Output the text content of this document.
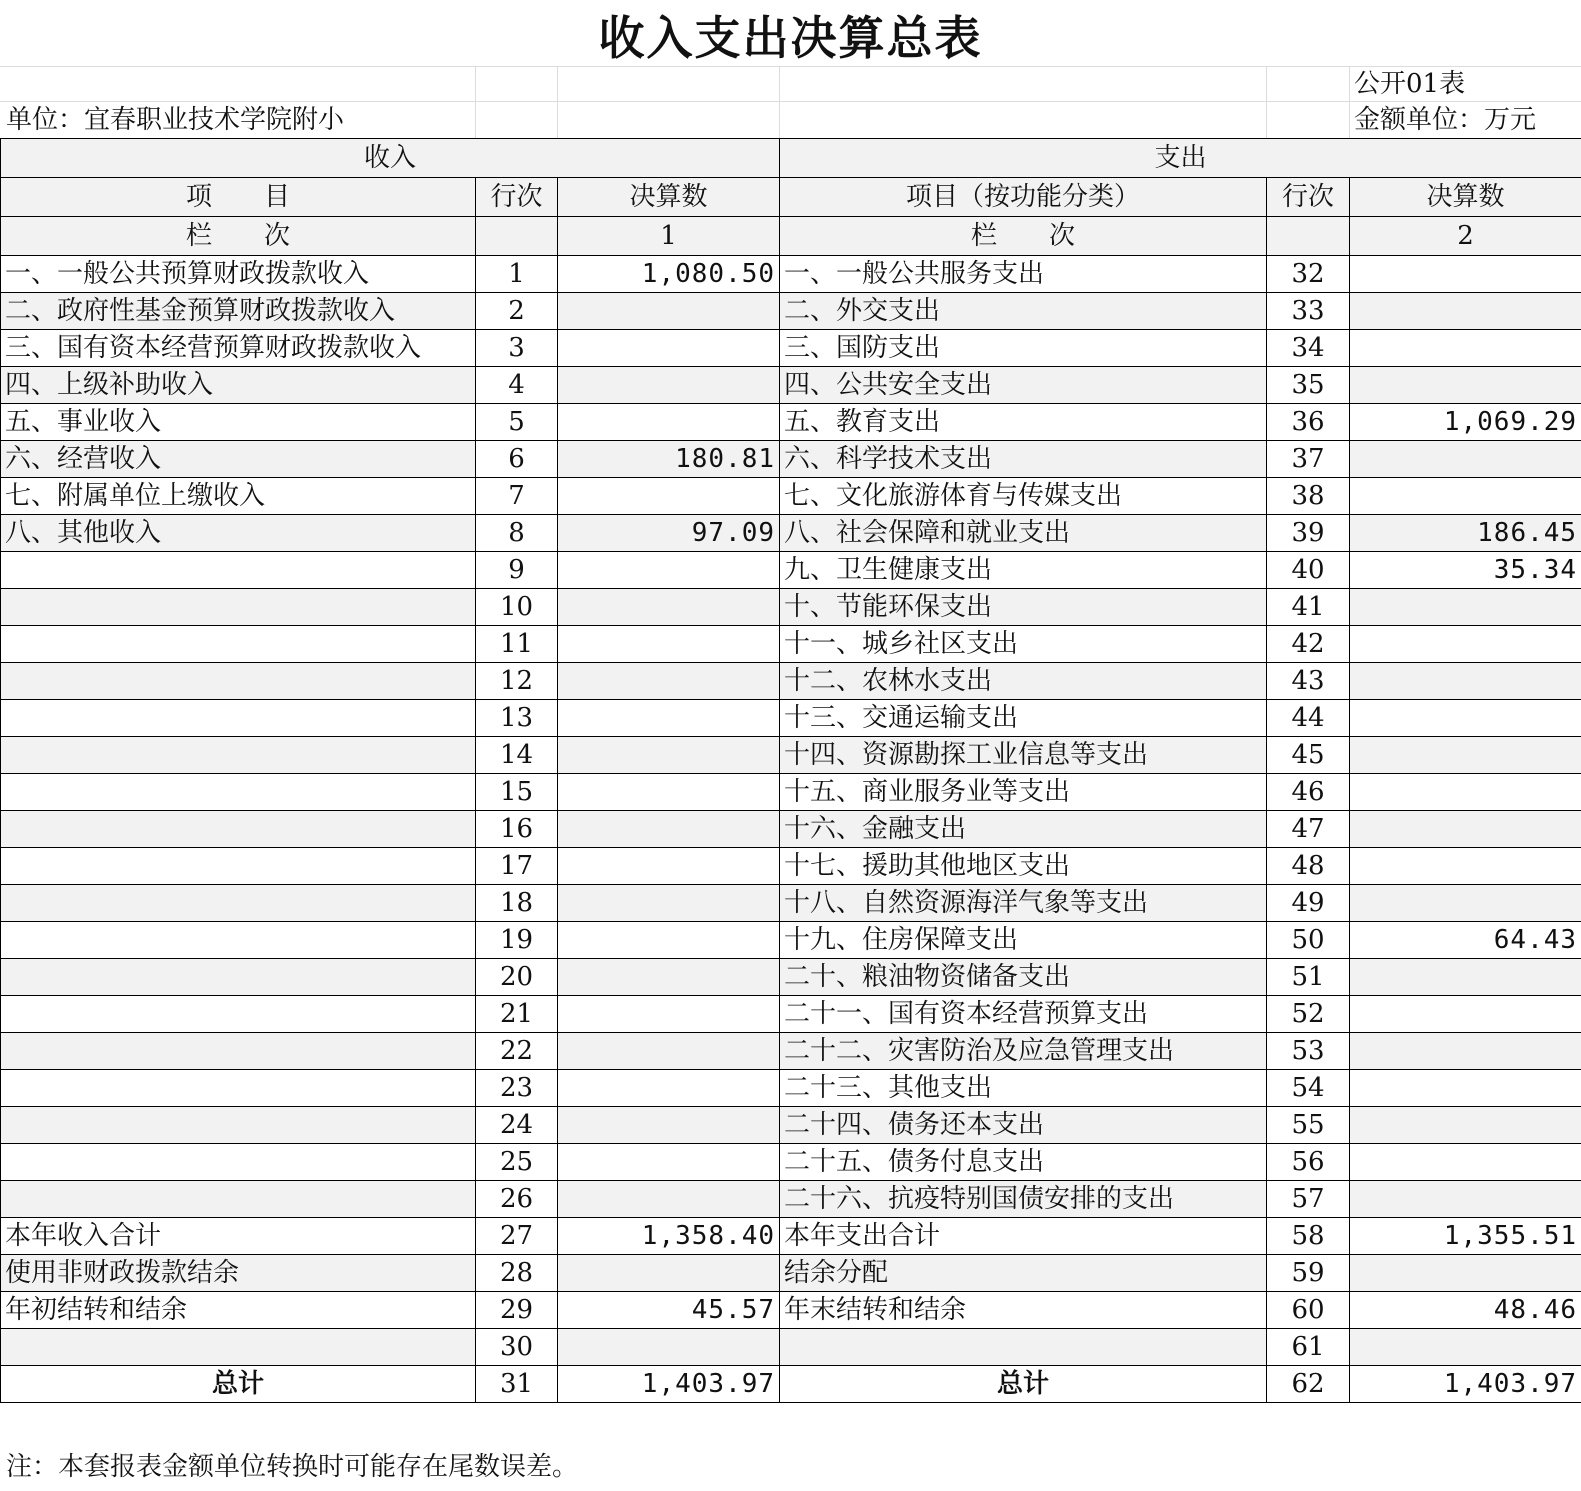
收入支出决算总表
公开01表
单位：宜春职业技术学院附小	金额单位：万元
收入			支出		
项　　目	行次	决算数	项目（按功能分类）	行次	决算数
栏　　次		1	栏　　次		2
一、一般公共预算财政拨款收入	1	1,080.50	一、一般公共服务支出	32	
二、政府性基金预算财政拨款收入	2		二、外交支出	33	
三、国有资本经营预算财政拨款收入	3		三、国防支出	34	
四、上级补助收入	4		四、公共安全支出	35	
五、事业收入	5		五、教育支出	36	1,069.29
六、经营收入	6	180.81	六、科学技术支出	37	
七、附属单位上缴收入	7		七、文化旅游体育与传媒支出	38	
八、其他收入	8	97.09	八、社会保障和就业支出	39	186.45
	9		九、卫生健康支出	40	35.34
	10		十、节能环保支出	41	
	11		十一、城乡社区支出	42	
	12		十二、农林水支出	43	
	13		十三、交通运输支出	44	
	14		十四、资源勘探工业信息等支出	45	
	15		十五、商业服务业等支出	46	
	16		十六、金融支出	47	
	17		十七、援助其他地区支出	48	
	18		十八、自然资源海洋气象等支出	49	
	19		十九、住房保障支出	50	64.43
	20		二十、粮油物资储备支出	51	
	21		二十一、国有资本经营预算支出	52	
	22		二十二、灾害防治及应急管理支出	53	
	23		二十三、其他支出	54	
	24		二十四、债务还本支出	55	
	25		二十五、债务付息支出	56	
	26		二十六、抗疫特别国债安排的支出	57	
本年收入合计	27	1,358.40	本年支出合计	58	1,355.51
使用非财政拨款结余	28		结余分配	59	
年初结转和结余	29	45.57	年末结转和结余	60	48.46
	30			61	
总计	31	1,403.97	总计	62	1,403.97
注：本套报表金额单位转换时可能存在尾数误差。
